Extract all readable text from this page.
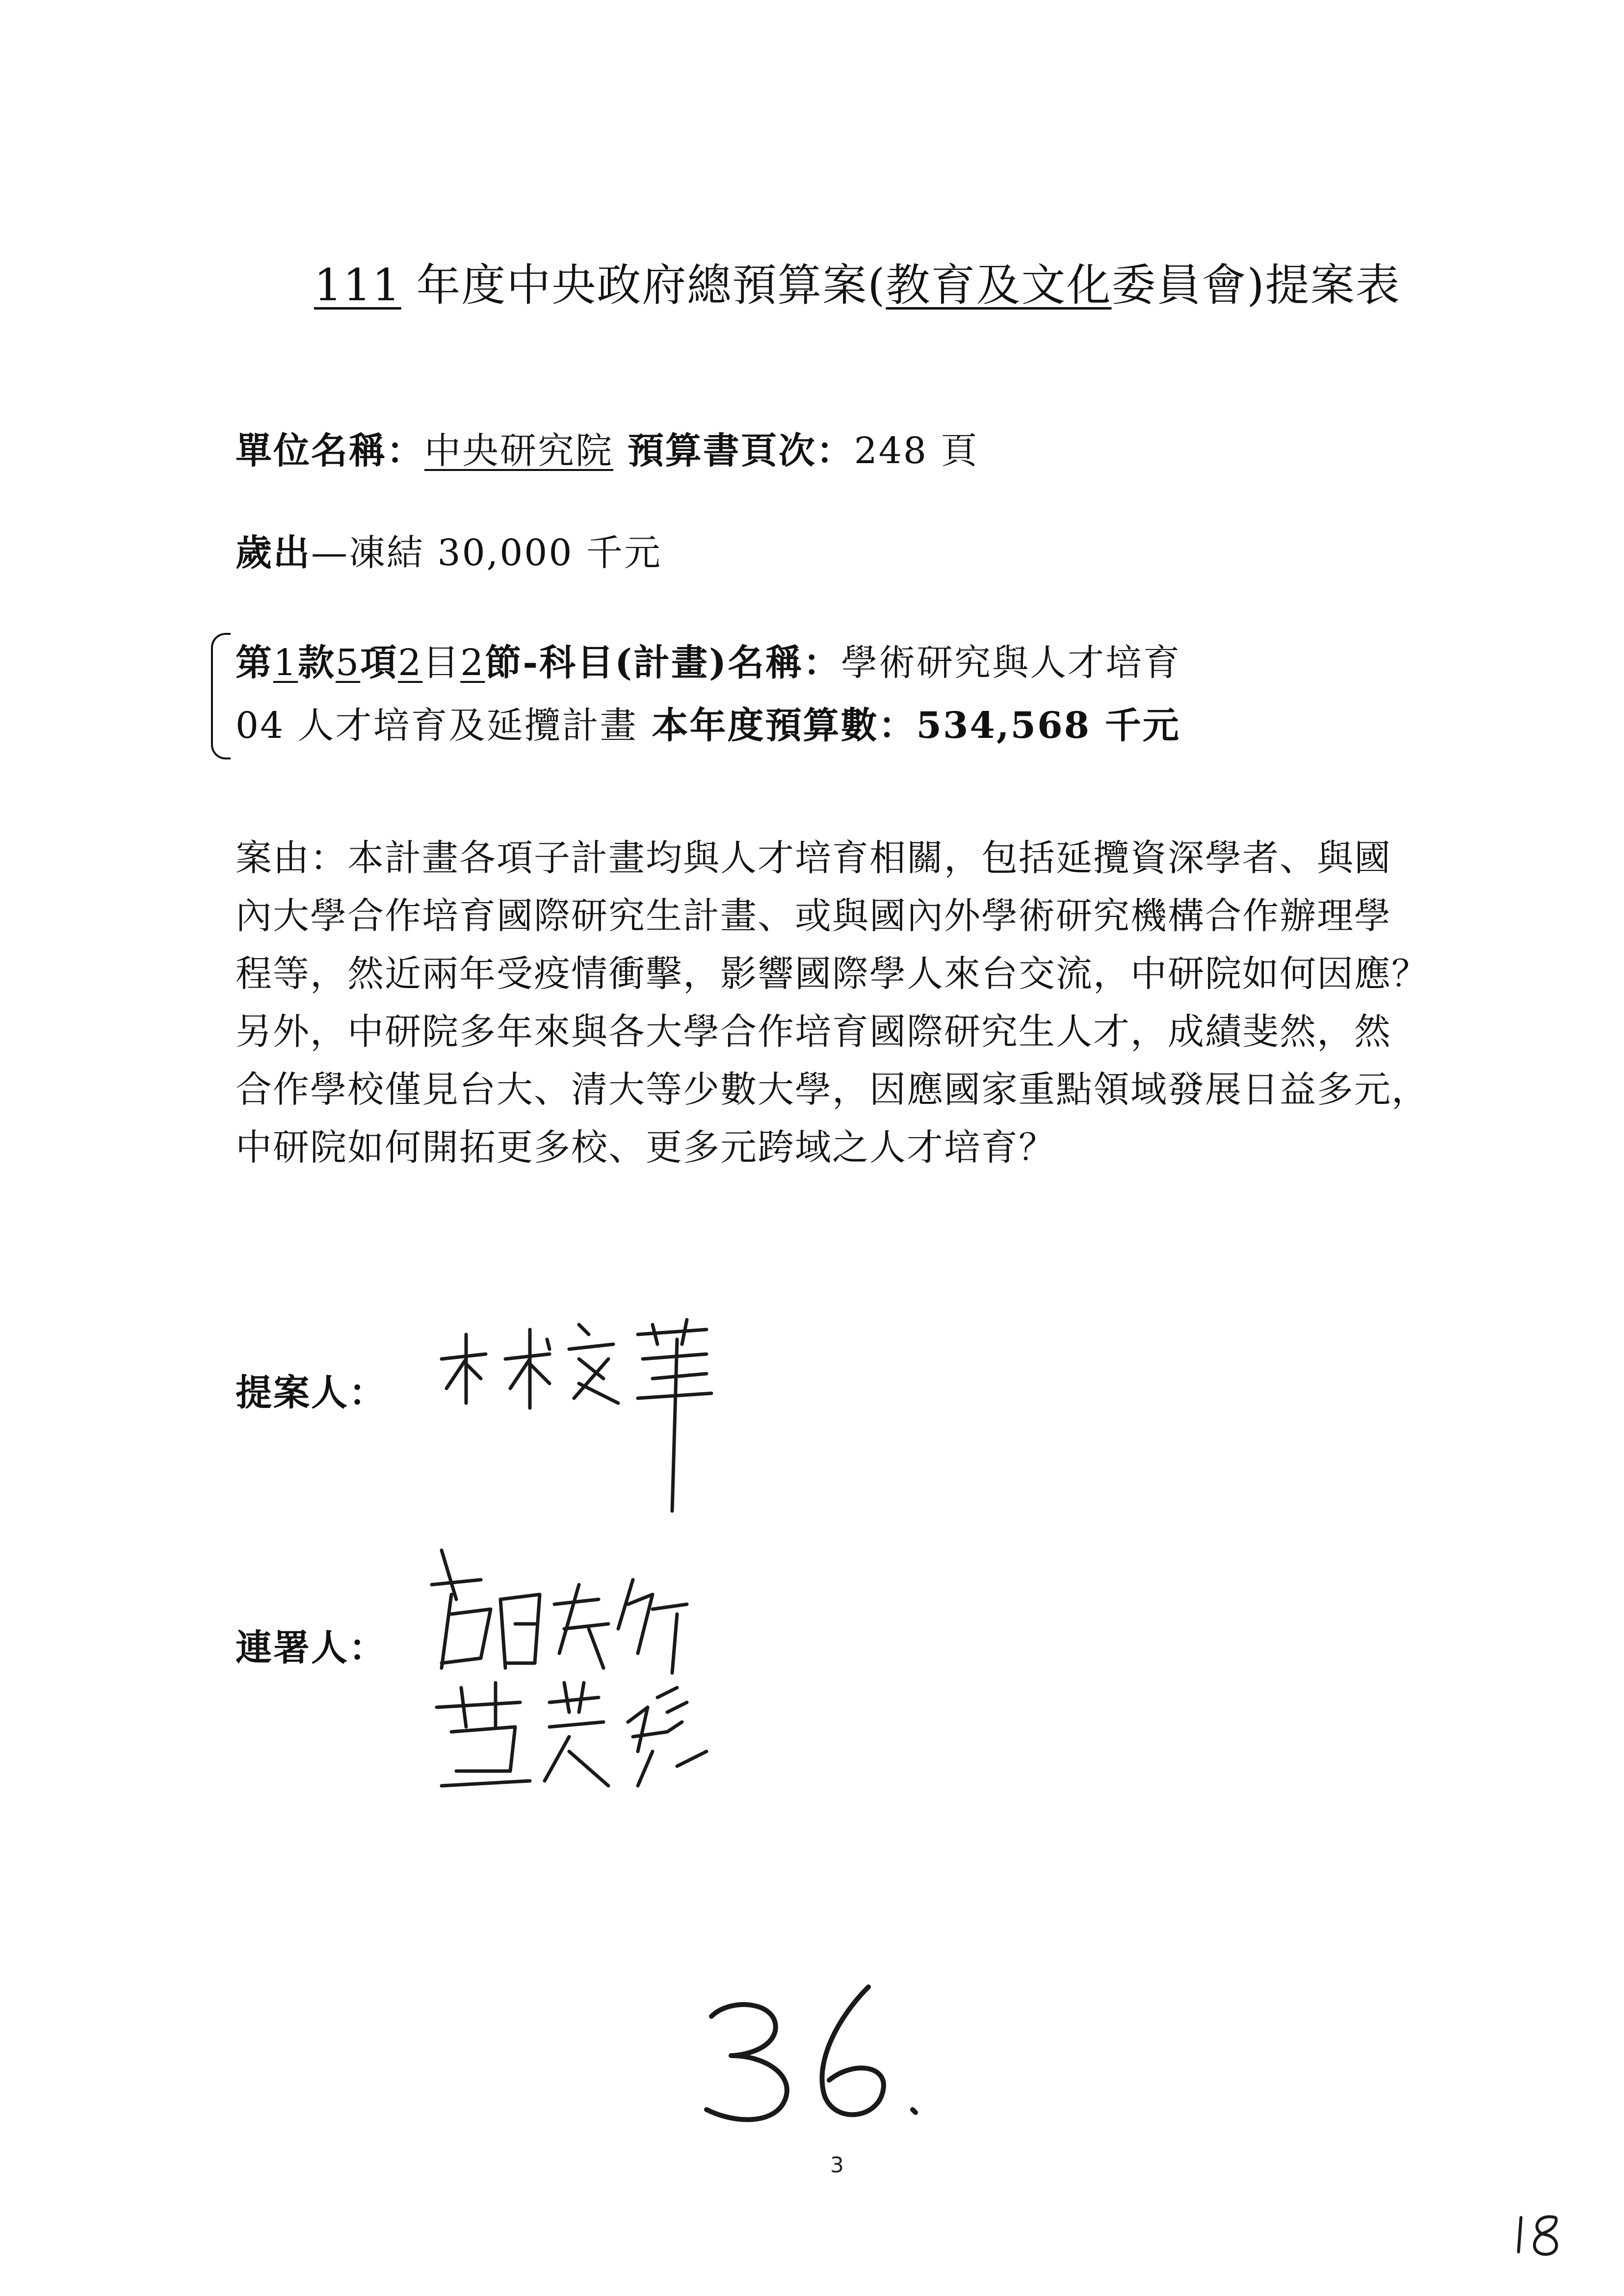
111 年度中央政府總預算案(教育及文化委員會)提案表
單位名稱：中央研究院 預算書頁次：248 頁
歲出—凍結 30,000 千元
第1款5項2目2節-科目(計畫)名稱：學術研究與人才培育
04 人才培育及延攬計畫 本年度預算數：534,568 千元
案由：本計畫各項子計畫均與人才培育相關，包括延攬資深學者、與國
內大學合作培育國際研究生計畫、或與國內外學術研究機構合作辦理學
程等，然近兩年受疫情衝擊，影響國際學人來台交流，中研院如何因應？
另外，中研院多年來與各大學合作培育國際研究生人才，成績斐然，然
合作學校僅見台大、清大等少數大學，因應國家重點領域發展日益多元，
中研院如何開拓更多校、更多元跨域之人才培育？
提案人：
連署人：
3
